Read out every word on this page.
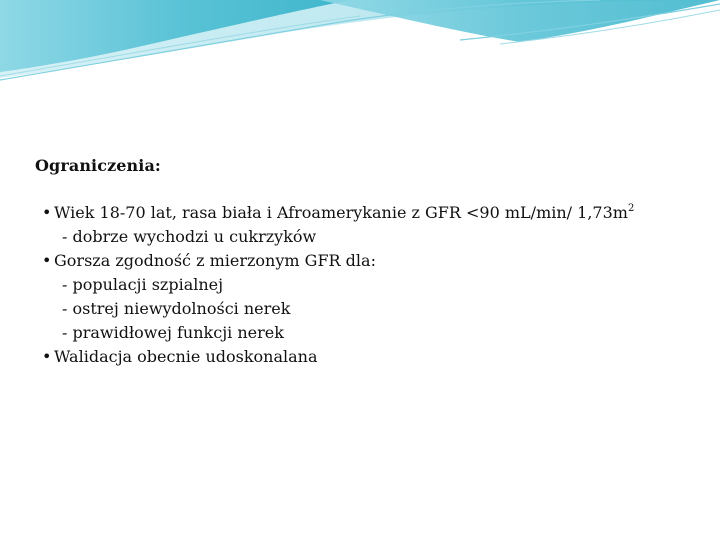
Ograniczenia:
• Wiek 18-70 lat, rasa biała i Afroamerykanie z GFR <90 mL/min/ $1,73m^2$
- dobrze wychodzi u cukrzyków
• Gorsza zgodność z mierzonym GFR dla:
- populacji szpialnej
- ostrej niewydolności nerek
- prawidłowej funkcji nerek
• Walidacja obecnie udoskonalana
